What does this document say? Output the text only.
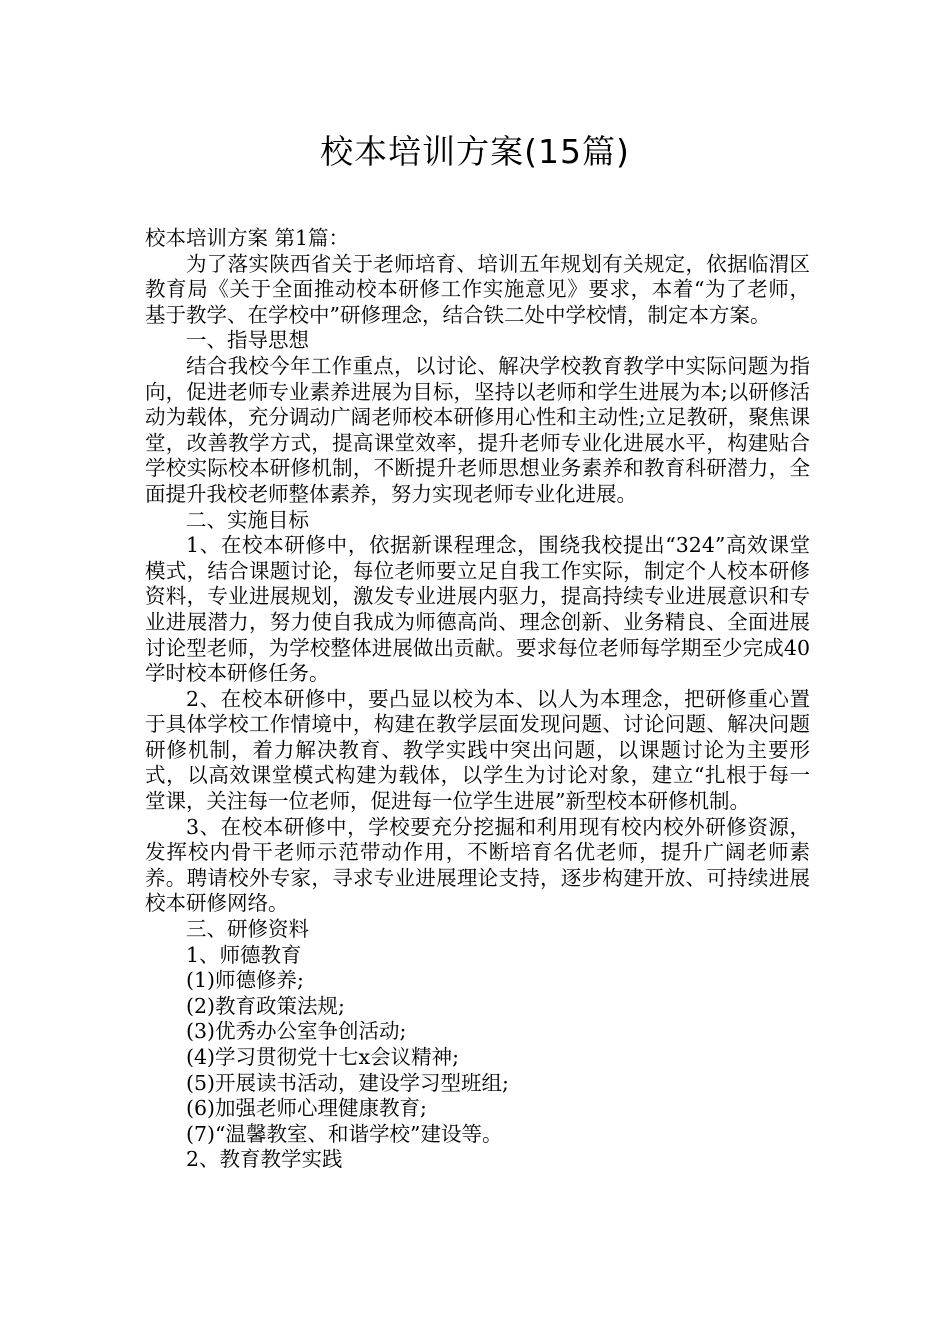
校本培训方案(15篇)

校本培训方案 第1篇：

为了落实陕西省关于老师培育、培训五年规划有关规定，依据临渭区教育局《关于全面推动校本研修工作实施意见》要求，本着“为了老师，基于教学、在学校中”研修理念，结合铁二处中学校情，制定本方案。

一、指导思想

结合我校今年工作重点，以讨论、解决学校教育教学中实际问题为指向，促进老师专业素养进展为目标，坚持以老师和学生进展为本;以研修活动为载体，充分调动广阔老师校本研修用心性和主动性;立足教研，聚焦课堂，改善教学方式，提高课堂效率，提升老师专业化进展水平，构建贴合学校实际校本研修机制，不断提升老师思想业务素养和教育科研潜力，全面提升我校老师整体素养，努力实现老师专业化进展。

二、实施目标

1、在校本研修中，依据新课程理念，围绕我校提出“324”高效课堂模式，结合课题讨论，每位老师要立足自我工作实际，制定个人校本研修资料，专业进展规划，激发专业进展内驱力，提高持续专业进展意识和专业进展潜力，努力使自我成为师德高尚、理念创新、业务精良、全面进展讨论型老师，为学校整体进展做出贡献。要求每位老师每学期至少完成40学时校本研修任务。

2、在校本研修中，要凸显以校为本、以人为本理念，把研修重心置于具体学校工作情境中，构建在教学层面发现问题、讨论问题、解决问题研修机制，着力解决教育、教学实践中突出问题，以课题讨论为主要形式，以高效课堂模式构建为载体，以学生为讨论对象，建立“扎根于每一堂课，关注每一位老师，促进每一位学生进展”新型校本研修机制。

3、在校本研修中，学校要充分挖掘和利用现有校内校外研修资源，发挥校内骨干老师示范带动作用，不断培育名优老师，提升广阔老师素养。聘请校外专家，寻求专业进展理论支持，逐步构建开放、可持续进展校本研修网络。

三、研修资料

1、师德教育

(1)师德修养;

(2)教育政策法规;

(3)优秀办公室争创活动;

(4)学习贯彻党十七x会议精神;

(5)开展读书活动，建设学习型班组;

(6)加强老师心理健康教育;

(7)“温馨教室、和谐学校”建设等。

2、教育教学实践
